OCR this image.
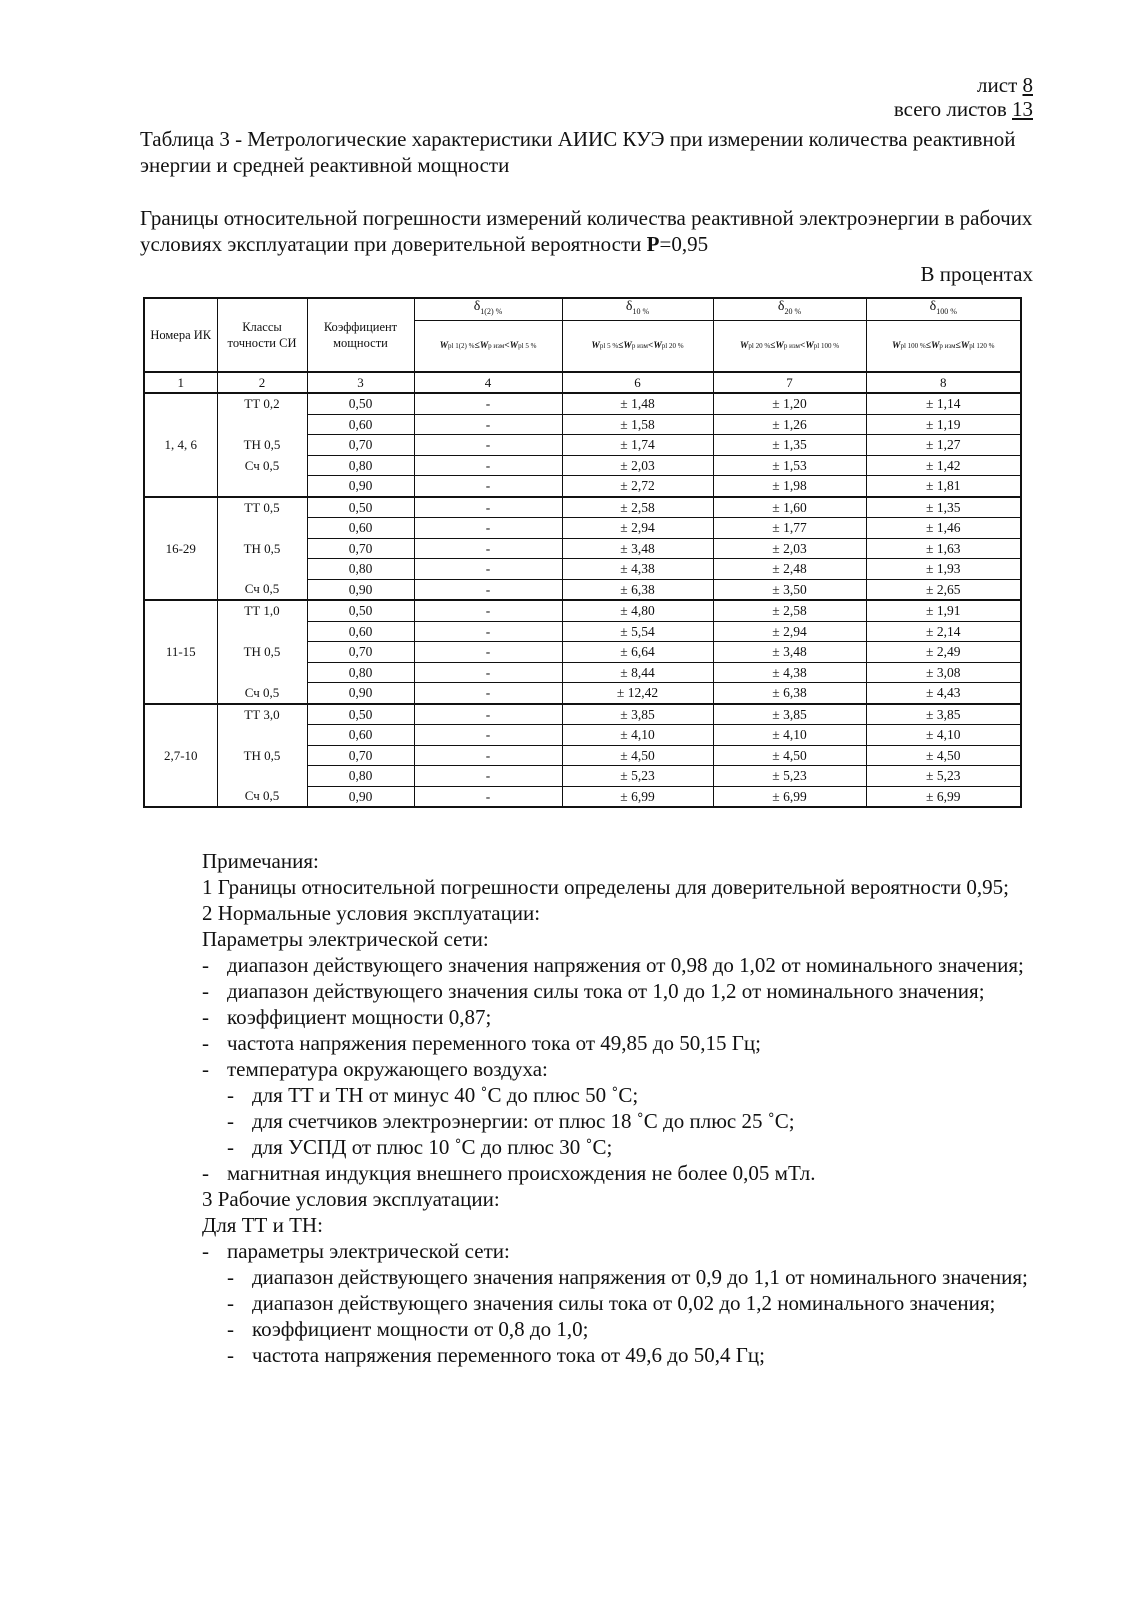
лист 8
всего листов 13
Таблица 3 - Метрологические характеристики АИИС КУЭ при измерении количества реактивной энергии и средней реактивной мощности
Границы относительной погрешности измерений количества реактивной электроэнергии в рабочих условиях эксплуатации при доверительной вероятности P=0,95
В процентах
Номера ИК	Классы точности СИ	Коэффициент мощности	$\delta_{1(2) \%}$	$\delta_{10 \%}$	$\delta_{20 \%}$	$\delta_{100 \%}$
			Wpl 1(2) %≤Wр изм<Wpl 5 %	Wpl 5 %≤Wр изм<Wpl 20 %	Wpl 20 %≤Wр изм<Wpl 100 %	Wpl 100 %≤Wр изм≤Wpl 120 %
1	2	3	4	6	7	8
1, 4, 6	ТТ 0,2	0,50	-	± 1,48	± 1,20	± 1,14
		0,60	-	± 1,58	± 1,26	± 1,19
	ТН 0,5	0,70	-	± 1,74	± 1,35	± 1,27
	Сч 0,5	0,80	-	± 2,03	± 1,53	± 1,42
		0,90	-	± 2,72	± 1,98	± 1,81
16-29	ТТ 0,5	0,50	-	± 2,58	± 1,60	± 1,35
		0,60	-	± 2,94	± 1,77	± 1,46
	ТН 0,5	0,70	-	± 3,48	± 2,03	± 1,63
		0,80	-	± 4,38	± 2,48	± 1,93
	Сч 0,5	0,90	-	± 6,38	± 3,50	± 2,65
11-15	ТТ 1,0	0,50	-	± 4,80	± 2,58	± 1,91
		0,60	-	± 5,54	± 2,94	± 2,14
	ТН 0,5	0,70	-	± 6,64	± 3,48	± 2,49
		0,80	-	± 8,44	± 4,38	± 3,08
	Сч 0,5	0,90	-	± 12,42	± 6,38	± 4,43
2,7-10	ТТ 3,0	0,50	-	± 3,85	± 3,85	± 3,85
		0,60	-	± 4,10	± 4,10	± 4,10
	ТН 0,5	0,70	-	± 4,50	± 4,50	± 4,50
		0,80	-	± 5,23	± 5,23	± 5,23
	Сч 0,5	0,90	-	± 6,99	± 6,99	± 6,99
Примечания:
1 Границы относительной погрешности определены для доверительной вероятности 0,95;
2 Нормальные условия эксплуатации:
Параметры электрической сети:
- диапазон действующего значения напряжения от 0,98 до 1,02 от номинального значения;
- диапазон действующего значения силы тока от 1,0 до 1,2 от номинального значения;
- коэффициент мощности 0,87;
- частота напряжения переменного тока от 49,85 до 50,15 Гц;
- температура окружающего воздуха:
- для ТТ и ТН от минус 40 ˚С до плюс 50 ˚С;
- для счетчиков электроэнергии: от плюс 18 ˚С до плюс 25 ˚С;
- для УСПД от плюс 10 ˚С до плюс 30 ˚С;
- магнитная индукция внешнего происхождения не более 0,05 мТл.
3 Рабочие условия эксплуатации:
Для ТТ и ТН:
- параметры электрической сети:
- диапазон действующего значения напряжения от 0,9 до 1,1 от номинального значения;
- диапазон действующего значения силы тока от 0,02 до 1,2 номинального значения;
- коэффициент мощности от 0,8 до 1,0;
- частота напряжения переменного тока от 49,6 до 50,4 Гц;
